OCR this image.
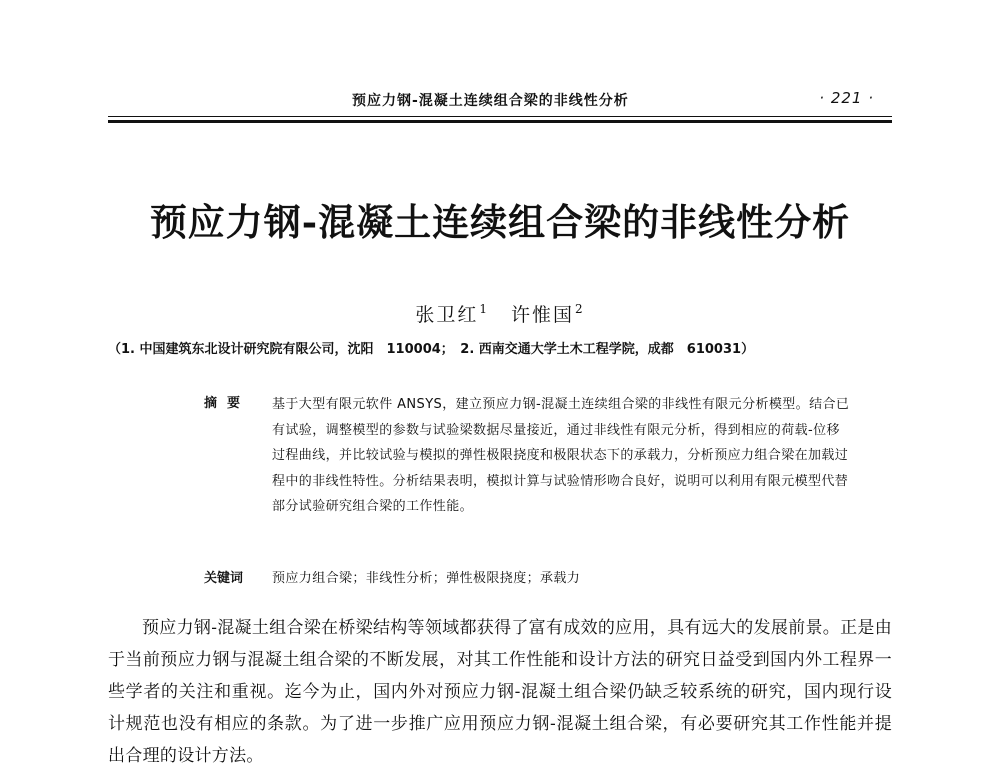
预应力钢-混凝土连续组合梁的非线性分析	· 221 ·
预应力钢-混凝土连续组合梁的非线性分析
张卫红$^1$ 许惟国$^2$
（1. 中国建筑东北设计研究院有限公司，沈阳　110004；　2. 西南交通大学土木工程学院，成都　610031）
摘要 基于大型有限元软件 ANSYS，建立预应力钢-混凝土连续组合梁的非线性有限元分析模型。结合已有试验，调整模型的参数与试验梁数据尽量接近，通过非线性有限元分析，得到相应的荷载-位移过程曲线，并比较试验与模拟的弹性极限挠度和极限状态下的承载力，分析预应力组合梁在加载过程中的非线性特性。分析结果表明，模拟计算与试验情形吻合良好，说明可以利用有限元模型代替部分试验研究组合梁的工作性能。
关键词 预应力组合梁；非线性分析；弹性极限挠度；承载力
预应力钢-混凝土组合梁在桥梁结构等领域都获得了富有成效的应用，具有远大的发展前景。正是由于当前预应力钢与混凝土组合梁的不断发展，对其工作性能和设计方法的研究日益受到国内外工程界一些学者的关注和重视。迄今为止，国内外对预应力钢-混凝土组合梁仍缺乏较系统的研究，国内现行设计规范也没有相应的条款。为了进一步推广应用预应力钢-混凝土组合梁，有必要研究其工作性能并提出合理的设计方法。
